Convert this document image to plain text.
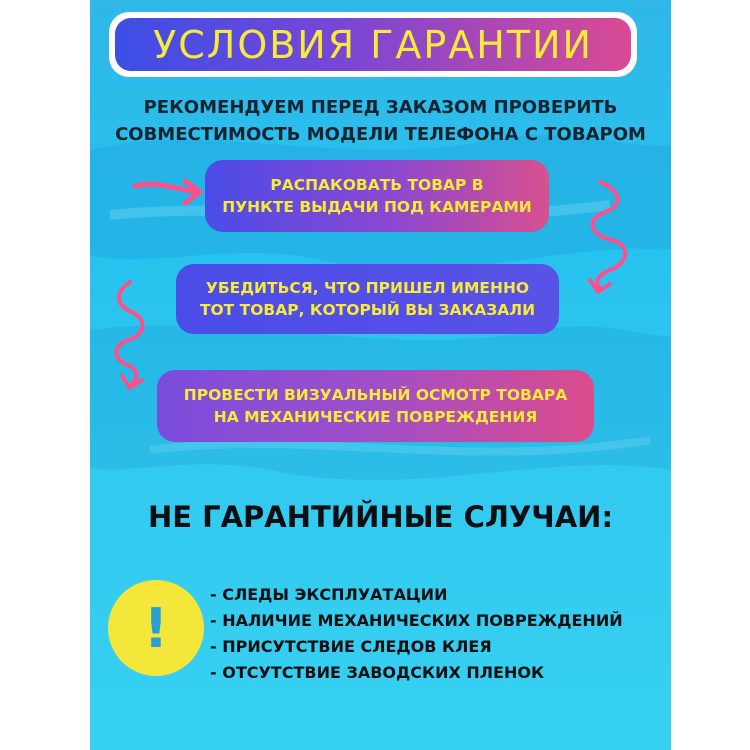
УСЛОВИЯ ГАРАНТИИ
РЕКОМЕНДУЕМ ПЕРЕД ЗАКАЗОМ ПРОВЕРИТЬ
СОВМЕСТИМОСТЬ МОДЕЛИ ТЕЛЕФОНА С ТОВАРОМ
РАСПАКОВАТЬ ТОВАР В
ПУНКТЕ ВЫДАЧИ ПОД КАМЕРАМИ
УБЕДИТЬСЯ, ЧТО ПРИШЕЛ ИМЕННО
ТОТ ТОВАР, КОТОРЫЙ ВЫ ЗАКАЗАЛИ
ПРОВЕСТИ ВИЗУАЛЬНЫЙ ОСМОТР ТОВАРА
НА МЕХАНИЧЕСКИЕ ПОВРЕЖДЕНИЯ
НЕ ГАРАНТИЙНЫЕ СЛУЧАИ:
!
- СЛЕДЫ ЭКСПЛУАТАЦИИ
- НАЛИЧИЕ МЕХАНИЧЕСКИХ ПОВРЕЖДЕНИЙ
- ПРИСУТСТВИЕ СЛЕДОВ КЛЕЯ
- ОТСУТСТВИЕ ЗАВОДСКИХ ПЛЕНОК
